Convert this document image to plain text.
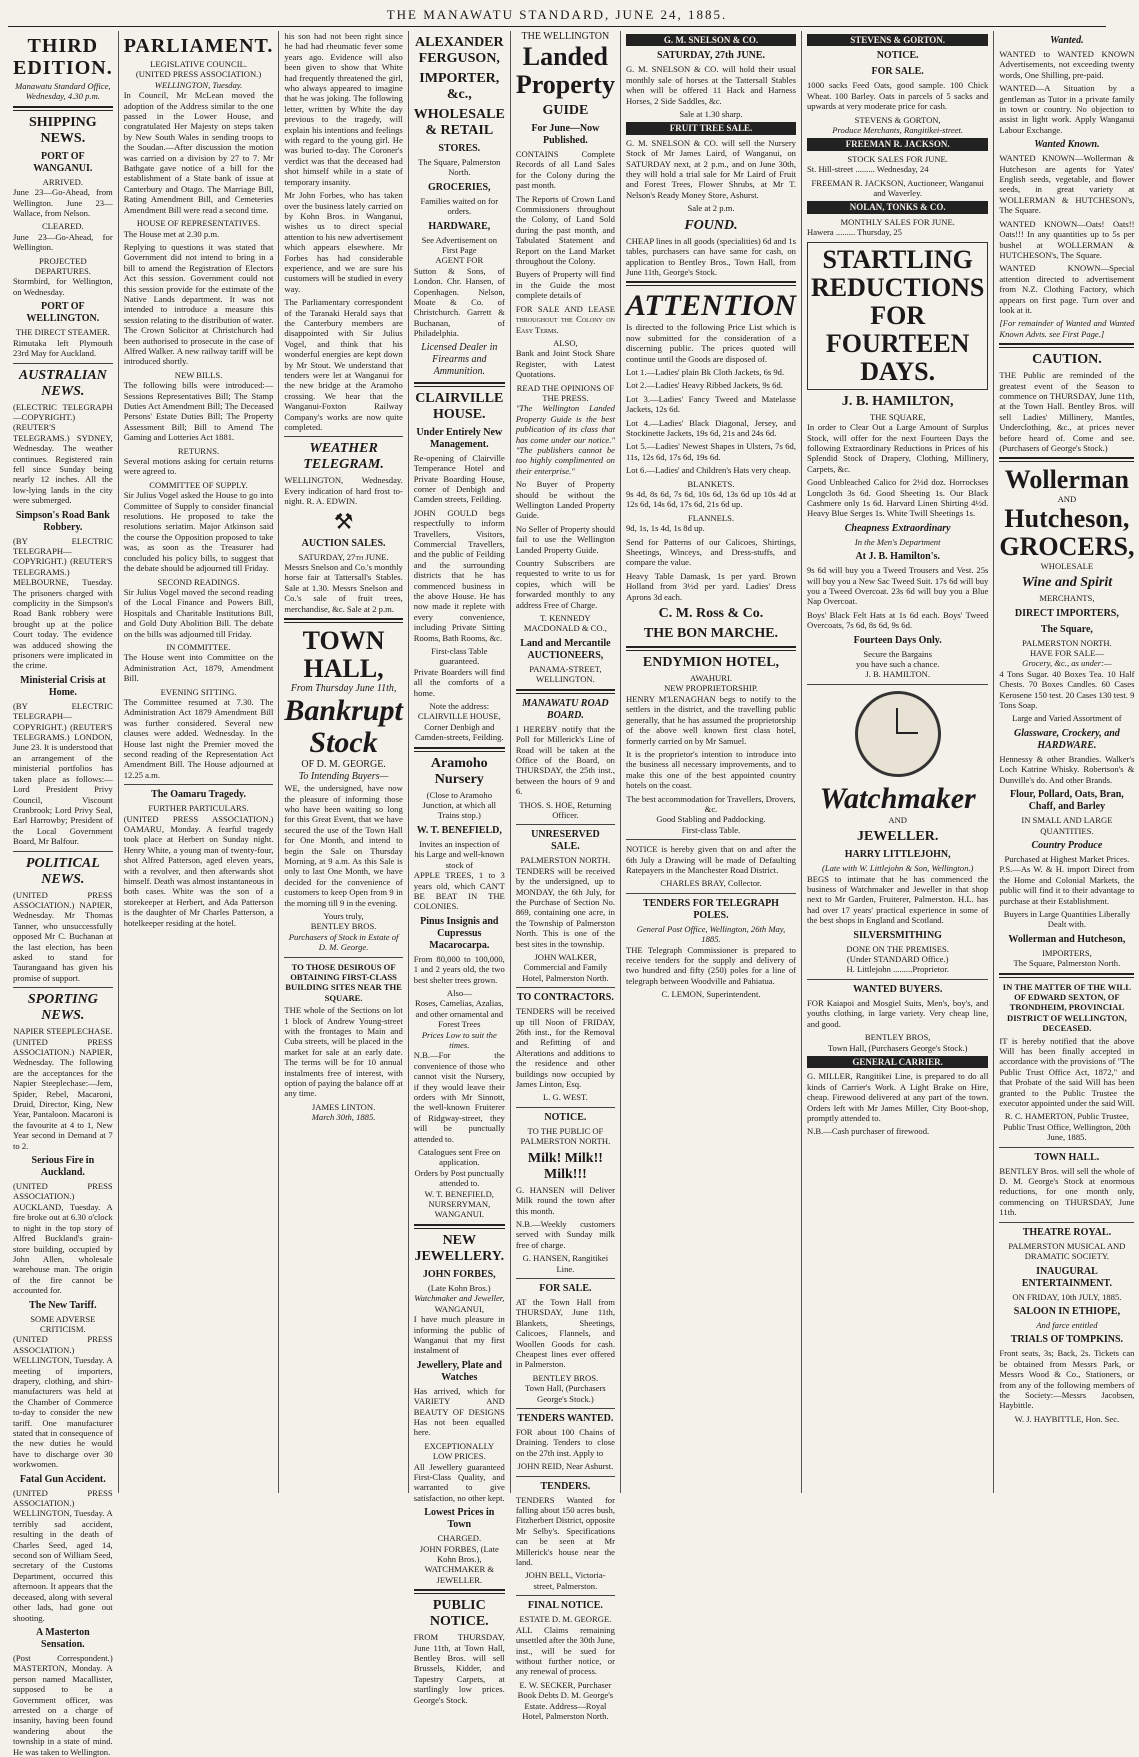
THE MANAWATU STANDARD, JUNE 24, 1885.
THIRD EDITION.
Manawatu Standard Office, Wednesday, 4.30 p.m.
SHIPPING NEWS.
PORT OF WANGANUI.
ARRIVED.

June 23—Go-Ahead, from Wellington. June 23—Wallace, from Nelson.

CLEARED.

June 23—Go-Ahead, for Wellington.

PROJECTED DEPARTURES.

Stormbird, for Wellington, on Wednesday.

PORT OF WELLINGTON.
THE DIRECT STEAMER.

Rimutaka left Plymouth 23rd May for Auckland.

AUSTRALIAN NEWS.

(ELECTRIC TELEGRAPH—COPYRIGHT.) (REUTER'S TELEGRAMS.) SYDNEY, Wednesday. The weather continues. Registered rain fell since Sunday being nearly 12 inches. All the low-lying lands in the city were submerged.

Simpson's Road Bank Robbery.

(BY ELECTRIC TELEGRAPH—COPYRIGHT.) (REUTER'S TELEGRAMS.) MELBOURNE, Tuesday. The prisoners charged with complicity in the Simpson's Road Bank robbery were brought up at the police Court today. The evidence was adduced showing the prisoners were implicated in the crime.

Ministerial Crisis at Home.

(BY ELECTRIC TELEGRAPH—COPYRIGHT.) (REUTER'S TELEGRAMS.) LONDON, June 23. It is understood that an arrangement of the ministerial portfolios has taken place as follows:—Lord President Privy Council, Viscount Cranbrook; Lord Privy Seal, Earl Harrowby; President of the Local Government Board, Mr Balfour.

POLITICAL NEWS.

(UNITED PRESS ASSOCIATION.) NAPIER, Wednesday. Mr Thomas Tanner, who unsuccessfully opposed Mr C. Buchanan at the last election, has been asked to stand for Taurangaand has given his promise of support.

SPORTING NEWS.
NAPIER STEEPLECHASE.

(UNITED PRESS ASSOCIATION.) NAPIER, Wednesday. The following are the acceptances for the Napier Steeplechase:—Jem, Spider, Rebel, Macaroni, Druid, Director, King, New Year, Pantaloon. Macaroni is the favourite at 4 to 1, New Year second in Demand at 7 to 2.

Serious Fire in Auckland.

(UNITED PRESS ASSOCIATION.) AUCKLAND, Tuesday. A fire broke out at 6.30 o'clock to night in the top story of Alfred Buckland's grain-store building, occupied by John Allen, wholesale warehouse man. The origin of the fire cannot be accounted for.

The New Tariff.
SOME ADVERSE CRITICISM.

(UNITED PRESS ASSOCIATION.) WELLINGTON, Tuesday. A meeting of importers, drapery, clothing, and shirt-manufacturers was held at the Chamber of Commerce to-day to consider the new tariff. One manufacturer stated that in consequence of the new duties he would have to discharge over 30 workwomen.

Fatal Gun Accident.

(UNITED PRESS ASSOCIATION.) WELLINGTON, Tuesday. A terribly sad accident, resulting in the death of Charles Seed, aged 14, second son of William Seed, secretary of the Customs Department, occurred this afternoon. It appears that the deceased, along with several other lads, had gone out shooting.

A Masterton Sensation.

(Post Correspondent.) MASTERTON, Monday. A person named Macallister, supposed to be a Government officer, was arrested on a charge of insanity, having been found wandering about the township in a state of mind. He was taken to Wellington.

PARLIAMENT.
LEGISLATIVE COUNCIL.
(UNITED PRESS ASSOCIATION.)
WELLINGTON, Tuesday.

In Council, Mr McLean moved the adoption of the Address similar to the one passed in the Lower House, and congratulated Her Majesty on steps taken by New South Wales in sending troops to the Soudan.—After discussion the motion was carried on a division by 27 to 7. Mr Bathgate gave notice of a bill for the establishment of a State bank of issue at Canterbury and Otago. The Marriage Bill, Rating Amendment Bill, and Cemeteries Amendment Bill were read a second time.

HOUSE OF REPRESENTATIVES.

The House met at 2.30 p.m.

Replying to questions it was stated that Government did not intend to bring in a bill to amend the Registration of Electors Act this session. Government could not this session provide for the estimate of the Native Lands department. It was not intended to introduce a measure this session relating to the distribution of water. The Crown Solicitor at Christchurch had been authorised to prosecute in the case of Alfred Walker. A new railway tariff will be introduced shortly.

NEW BILLS.

The following bills were introduced:—Sessions Representatives Bill; The Stamp Duties Act Amendment Bill; The Deceased Persons' Estate Duties Bill; The Property Assessment Bill; Bill to Amend The Gaming and Lotteries Act 1881.

RETURNS.

Several motions asking for certain returns were agreed to.

COMMITTEE OF SUPPLY.

Sir Julius Vogel asked the House to go into Committee of Supply to consider financial resolutions. He proposed to take the resolutions seriatim. Major Atkinson said the course the Opposition proposed to take was, as soon as the Treasurer had concluded his policy bills, to suggest that the debate should be adjourned till Friday.

SECOND READINGS.

Sir Julius Vogel moved the second reading of the Local Finance and Powers Bill, Hospitals and Charitable Institutions Bill, and Gold Duty Abolition Bill. The debate on the bills was adjourned till Friday.

IN COMMITTEE.

The House went into Committee on the Administration Act, 1879, Amendment Bill.

EVENING SITTING.

The Committee resumed at 7.30. The Administration Act 1879 Amendment Bill was further considered. Several new clauses were added. Wednesday. In the House last night the Premier moved the second reading of the Representation Act Amendment Bill. The House adjourned at 12.25 a.m.

The Oamaru Tragedy.
FURTHER PARTICULARS.

(UNITED PRESS ASSOCIATION.) OAMARU, Monday. A fearful tragedy took place at Herbert on Sunday night. Henry White, a young man of twenty-four, shot Alfred Patterson, aged eleven years, with a revolver, and then afterwards shot himself. Death was almost instantaneous in both cases. White was the son of a storekeeper at Herbert, and Ada Patterson is the daughter of Mr Charles Patterson, a hotelkeeper residing at the hotel.

his son had not been right since he had had rheumatic fever some years ago. Evidence will also been given to show that White had frequently threatened the girl, who always appeared to imagine that he was joking. The following letter, written by White the day previous to the tragedy, will explain his intentions and feelings with regard to the young girl. He was buried to-day. The Coroner's verdict was that the deceased had shot himself while in a state of temporary insanity.

Mr John Forbes, who has taken over the business lately carried on by Kohn Bros. in Wanganui, wishes us to direct special attention to his new advertisement which appears elsewhere. Mr Forbes has had considerable experience, and we are sure his customers will be studied in every way.

The Parliamentary correspondent of the Taranaki Herald says that the Canterbury members are disappointed with Sir Julius Vogel, and think that his wonderful energies are kept down by Mr Stout. We understand that tenders were let at Wanganui for the new bridge at the Aramoho crossing. We hear that the Wanganui-Foxton Railway Company's works are now quite completed.

WEATHER TELEGRAM.

WELLINGTON, Wednesday. Every indication of hard frost to-night. R. A. EDWIN.

⚒
AUCTION SALES.
SATURDAY, 27th JUNE.

Messrs Snelson and Co.'s monthly horse fair at Tattersall's Stables. Sale at 1.30. Messrs Snelson and Co.'s sale of fruit trees, merchandise, &c. Sale at 2 p.m.

TOWN HALL,
From Thursday June 11th,
Bankrupt Stock
OF D. M. GEORGE.
To Intending Buyers—

WE, the undersigned, have now the pleasure of informing those who have been waiting so long for this Great Event, that we have secured the use of the Town Hall for One Month, and intend to begin the Sale on Thursday Morning, at 9 a.m. As this Sale is only to last One Month, we have decided for the convenience of customers to keep Open from 9 in the morning till 9 in the evening.

Yours truly,
BENTLEY BROS.
Purchasers of Stock in Estate of D. M. George.
TO THOSE DESIROUS OF OBTAINING FIRST-CLASS BUILDING SITES NEAR THE SQUARE.

THE whole of the Sections on lot 1 block of Andrew Young-street with the frontages to Main and Cuba streets, will be placed in the market for sale at an early date. The terms will be for 10 annual instalments free of interest, with option of paying the balance off at any time.

JAMES LINTON.
March 30th, 1885.
ALEXANDER FERGUSON,
IMPORTER, &c.,
WHOLESALE & RETAIL
STORES.
The Square, Palmerston North.
GROCERIES,
Families waited on for orders.
HARDWARE,
See Advertisement on First Page
AGENT FOR

Sutton & Sons, of London. Chr. Hansen, of Copenhagen. Nelson, Moate & Co. of Christchurch. Garrett & Buchanan, of Philadelphia.

Licensed Dealer in Firearms and Ammunition.
CLAIRVILLE HOUSE.
Under Entirely New Management.

Re-opening of Clairville Temperance Hotel and Private Boarding House, corner of Denbigh and Camden streets, Feilding.

JOHN GOULD begs respectfully to inform Travellers, Visitors, Commercial Travellers, and the public of Feilding and the surrounding districts that he has commenced business in the above House. He has now made it replete with every convenience, including Private Sitting Rooms, Bath Rooms, &c.

First-class Table guaranteed.

Private Boarders will find all the comforts of a home.

Note the address:
CLAIRVILLE HOUSE,
Corner Denbigh and Camden-streets, Feilding.
Aramoho Nursery
(Close to Aramoho Junction, at which all Trains stop.)
W. T. BENEFIELD,
Invites an inspection of his Large and well-known stock of

APPLE TREES, 1 to 3 years old, which CAN'T BE BEAT IN THE COLONIES.

Pinus Insignis and Cupressus Macarocarpa.

From 80,000 to 100,000, 1 and 2 years old, the two best shelter trees grown.

Also—
Roses, Camelias, Azalias, and other ornamental and Forest Trees
Prices Low to suit the times.

N.B.—For the convenience of those who cannot visit the Nursery, if they would leave their orders with Mr Sinnott, the well-known Fruiterer of Ridgway-street, they will be punctually attended to.

Catalogues sent Free on application.
Orders by Post punctually attended to.
W. T. BENEFIELD, NURSERYMAN, WANGANUI.
NEW JEWELLERY.
JOHN FORBES,
(Late Kohn Bros.)
Watchmaker and Jeweller,
WANGANUI,

I have much pleasure in informing the public of Wanganui that my first instalment of

Jewellery, Plate and Watches

Has arrived, which for VARIETY AND BEAUTY OF DESIGNS Has not been equalled here.

EXCEPTIONALLY LOW PRICES.

All Jewellery guaranteed First-Class Quality, and warranted to give satisfaction, no other kept.

Lowest Prices in Town
CHARGED.
JOHN FORBES, (Late Kohn Bros.), WATCHMAKER & JEWELLER.
PUBLIC NOTICE.

FROM THURSDAY, June 11th, at Town Hall, Bentley Bros. will sell Brussels, Kidder, and Tapestry Carpets, at startlingly low prices. George's Stock.

THE WELLINGTON
Landed Property
GUIDE
For June—Now Published.

CONTAINS Complete Records of all Land Sales for the Colony during the past month.

The Reports of Crown Land Commissioners throughout the Colony, of Land Sold during the past month, and Tabulated Statement and Report on the Land Market throughout the Colony.

Buyers of Property will find in the Guide the most complete details of

FOR SALE AND LEASE throughout the Colony on Easy Terms.

ALSO,

Bank and Joint Stock Share Register, with Latest Quotations.

READ THE OPINIONS OF THE PRESS.

"The Wellington Landed Property Guide is the best publication of its class that has come under our notice." "The publishers cannot be too highly complimented on their enterprise."

No Buyer of Property should be without the Wellington Landed Property Guide.

No Seller of Property should fail to use the Wellington Landed Property Guide.

Country Subscribers are requested to write to us for copies, which will be forwarded monthly to any address Free of Charge.

T. KENNEDY MACDONALD & CO.,
Land and Mercantile AUCTIONEERS,
PANAMA-STREET, WELLINGTON.
MANAWATU ROAD BOARD.

I HEREBY notify that the Poll for Millerick's Line of Road will be taken at the Office of the Board, on THURSDAY, the 25th inst., between the hours of 9 and 6.

THOS. S. HOE, Returning Officer.
UNRESERVED SALE.
PALMERSTON NORTH.

TENDERS will be received by the undersigned, up to MONDAY, the 6th July, for the Purchase of Section No. 869, containing one acre, in the Township of Palmerston North. This is one of the best sites in the township.

JOHN WALKER, Commercial and Family Hotel, Palmerston North.
TO CONTRACTORS.

TENDERS will be received up till Noon of FRIDAY, 26th inst., for the Removal and Refitting of and Alterations and additions to the residence and other buildings now occupied by James Linton, Esq.

L. G. WEST.
NOTICE.
TO THE PUBLIC OF PALMERSTON NORTH.
Milk! Milk!! Milk!!!

G. HANSEN will Deliver Milk round the town after this month.

N.B.—Weekly customers served with Sunday milk free of charge.

G. HANSEN, Rangitikei Line.
FOR SALE.

AT the Town Hall from THURSDAY, June 11th, Blankets, Sheetings, Calicoes, Flannels, and Woollen Goods for cash. Cheapest lines ever offered in Palmerston.

BENTLEY BROS.
Town Hall, (Purchasers George's Stock.)
TENDERS WANTED.

FOR about 100 Chains of Draining. Tenders to close on the 27th inst. Apply to

JOHN REID, Near Ashurst.
TENDERS.

TENDERS Wanted for falling about 150 acres bush, Fitzherbert District, opposite Mr Selby's. Specifications can be seen at Mr Millerick's house near the land.

JOHN BELL, Victoria-street, Palmerston.
FINAL NOTICE.
ESTATE D. M. GEORGE.

ALL Claims remaining unsettled after the 30th June, inst., will be sued for without further notice, or any renewal of process.

E. W. SECKER, Purchaser Book Debts D. M. George's Estate. Address—Royal Hotel, Palmerston North.
G. M. SNELSON & CO.
SATURDAY, 27th JUNE.

G. M. SNELSON & CO. will hold their usual monthly sale of horses at the Tattersall Stables when will be offered 11 Hack and Harness Horses, 2 Side Saddles, &c.

Sale at 1.30 sharp.
FRUIT TREE SALE.

G. M. SNELSON & CO. will sell the Nursery Stock of Mr James Laird, of Wanganui, on SATURDAY next, at 2 p.m., and on June 30th, they will hold a trial sale for Mr Laird of Fruit and Forest Trees, Flower Shrubs, at Mr T. Nelson's Ready Money Store, Ashurst.

Sale at 2 p.m.
FOUND.

CHEAP lines in all goods (specialities) 6d and 1s tables, purchasers can have same for cash, on application to Bentley Bros., Town Hall, from June 11th, George's Stock.

ATTENTION

Is directed to the following Price List which is now submitted for the consideration of a discerning public. The prices quoted will continue until the Goods are disposed of.

Lot 1.—Ladies' plain Bk Cloth Jackets, 6s 9d.

Lot 2.—Ladies' Heavy Ribbed Jackets, 9s 6d.

Lot 3.—Ladies' Fancy Tweed and Matelasse Jackets, 12s 6d.

Lot 4.—Ladies' Black Diagonal, Jersey, and Stockinette Jackets, 19s 6d, 21s and 24s 6d.

Lot 5.—Ladies' Newest Shapes in Ulsters, 7s 6d, 11s, 12s 6d, 17s 6d, 19s 6d.

Lot 6.—Ladies' and Children's Hats very cheap.

BLANKETS.

9s 4d, 8s 6d, 7s 6d, 10s 6d, 13s 6d up 10s 4d at 12s 6d, 14s 6d, 17s 6d, 21s 6d up.

FLANNELS.

9d, 1s, 1s 4d, 1s 8d up.

Send for Patterns of our Calicoes, Shirtings, Sheetings, Winceys, and Dress-stuffs, and compare the value.

Heavy Table Damask, 1s per yard. Brown Holland from 3½d per yard. Ladies' Dress Aprons 3d each.

C. M. Ross & Co.
THE BON MARCHE.
ENDYMION HOTEL,
AWAHURI.
NEW PROPRIETORSHIP.

HENRY M'LENAGHAN begs to notify to the settlers in the district, and the travelling public generally, that he has assumed the proprietorship of the above well known first class hotel, formerly carried on by Mr Samuel.

It is the proprietor's intention to introduce into the business all necessary improvements, and to make this one of the best appointed country hotels on the coast.

The best accommodation for Travellers, Drovers, &c.
Good Stabling and Paddocking.
First-class Table.

NOTICE is hereby given that on and after the 6th July a Drawing will be made of Defaulting Ratepayers in the Manchester Road District.

CHARLES BRAY, Collector.
TENDERS FOR TELEGRAPH POLES.
General Post Office, Wellington, 26th May, 1885.

THE Telegraph Commissioner is prepared to receive tenders for the supply and delivery of two hundred and fifty (250) poles for a line of telegraph between Woodville and Pahiatua.

C. LEMON, Superintendent.
STEVENS & GORTON.
NOTICE.
FOR SALE.

1000 sacks Feed Oats, good sample. 100 Chick Wheat. 100 Barley. Oats in parcels of 5 sacks and upwards at very moderate price for cash.

STEVENS & GORTON,
Produce Merchants, Rangitikei-street.
FREEMAN R. JACKSON.
STOCK SALES FOR JUNE.

St. Hill-street ......... Wednesday, 24

FREEMAN R. JACKSON, Auctioneer, Wanganui and Waverley.
NOLAN, TONKS & CO.
MONTHLY SALES FOR JUNE.

Hawera ......... Thursday, 25

STARTLING
REDUCTIONS
FOR
FOURTEEN
DAYS.
J. B. HAMILTON,
THE SQUARE,

In order to Clear Out a Large Amount of Surplus Stock, will offer for the next Fourteen Days the following Extraordinary Reductions in Prices of his Splendid Stock of Drapery, Clothing, Millinery, Carpets, &c.

Good Unbleached Calico for 2½d doz. Horrockses Longcloth 3s 6d. Good Sheeting 1s. Our Black Cashmere only 1s 6d. Harvard Linen Shirting 4½d. Heavy Blue Serges 1s. White Twill Sheetings 1s.

Cheapness Extraordinary
In the Men's Department
At J. B. Hamilton's.

9s 6d will buy you a Tweed Trousers and Vest. 25s will buy you a New Sac Tweed Suit. 17s 6d will buy you a Tweed Overcoat. 23s 6d will buy you a Blue Nap Overcoat.

Boys' Black Felt Hats at 1s 6d each. Boys' Tweed Overcoats, 7s 6d, 8s 6d, 9s 6d.

Fourteen Days Only.
Secure the Bargains
you have such a chance.
J. B. HAMILTON.
Watchmaker
AND
JEWELLER.
HARRY LITTLEJOHN,
(Late with W. Littlejohn & Son, Wellington.)

BEGS to intimate that he has commenced the business of Watchmaker and Jeweller in that shop next to Mr Garden, Fruiterer, Palmerston. H.L. has had over 17 years' practical experience in some of the best shops in England and Scotland.

SILVERSMITHING
DONE ON THE PREMISES.
(Under STANDARD Office.)
H. Littlejohn .........Proprietor.
WANTED BUYERS.

FOR Kaiapoi and Mosgiel Suits, Men's, boy's, and youths clothing, in large variety. Very cheap line, and good.

BENTLEY BROS,
Town Hall, (Purchasers George's Stock.)
GENERAL CARRIER.

G. MILLER, Rangitikei Line, is prepared to do all kinds of Carrier's Work. A Light Brake on Hire, cheap. Firewood delivered at any part of the town. Orders left with Mr James Miller, City Boot-shop, promptly attended to.

N.B.—Cash purchaser of firewood.

Wanted.

WANTED to WANTED KNOWN Advertisements, not exceeding twenty words, One Shilling, pre-paid.

WANTED—A Situation by a gentleman as Tutor in a private family in town or country. No objection to assist in light work. Apply Wanganui Labour Exchange.

Wanted Known.

WANTED KNOWN—Wollerman & Hutcheson are agents for Yates' English seeds, vegetable, and flower seeds, in great variety at WOLLERMAN & HUTCHESON's, The Square.

WANTED KNOWN—Oats! Oats!! Oats!!! In any quantities up to 5s per bushel at WOLLERMAN & HUTCHESON's, The Square.

WANTED KNOWN—Special attention directed to advertisement from N.Z. Clothing Factory, which appears on first page. Turn over and look at it.

[For remainder of Wanted and Wanted Known Advts. see First Page.]

CAUTION.

THE Public are reminded of the greatest event of the Season to commence on THURSDAY, June 11th, at the Town Hall. Bentley Bros. will sell Ladies' Millinery, Mantles, Underclothing, &c., at prices never before heard of. Come and see. (Purchasers of George's Stock.)

Wollerman
AND
Hutcheson,
GROCERS,
WHOLESALE
Wine and Spirit
MERCHANTS,
DIRECT IMPORTERS,
The Square,
PALMERSTON NORTH.
HAVE FOR SALE—
Grocery, &c., as under:—

4 Tons Sugar. 40 Boxes Tea. 10 Half Chests. 70 Boxes Candles. 60 Cases Kerosene 150 test. 20 Cases 130 test. 9 Tons Soap.

Large and Varied Assortment of
Glassware, Crockery, and HARDWARE.

Hennessy & other Brandies. Walker's Loch Katrine Whisky. Robertson's & Dunville's do. And other Brands.

Flour, Pollard, Oats, Bran, Chaff, and Barley
IN SMALL AND LARGE QUANTITIES.
Country Produce
Purchased at Highest Market Prices.

P.S.—As W. & H. import Direct from the Home and Colonial Markets, the public will find it to their advantage to purchase at their Establishment.

Buyers in Large Quantities Liberally Dealt with.
Wollerman and Hutcheson,
IMPORTERS,
The Square, Palmerston North.
IN THE MATTER OF THE WILL OF EDWARD SEXTON, OF TRONDHEIM, PROVINCIAL DISTRICT OF WELLINGTON, DECEASED.

IT is hereby notified that the above Will has been finally accepted in accordance with the provisions of "The Public Trust Office Act, 1872," and that Probate of the said Will has been granted to the Public Trustee the executor appointed under the said Will.

R. C. HAMERTON, Public Trustee, Public Trust Office, Wellington, 20th June, 1885.
TOWN HALL.

BENTLEY Bros. will sell the whole of D. M. George's Stock at enormous reductions, for one month only, commencing on THURSDAY, June 11th.

THEATRE ROYAL.
PALMERSTON MUSICAL AND DRAMATIC SOCIETY.
INAUGURAL ENTERTAINMENT.
ON FRIDAY, 10th JULY, 1885.
SALOON IN ETHIOPE,
And farce entitled
TRIALS OF TOMPKINS.

Front seats, 3s; Back, 2s. Tickets can be obtained from Messrs Park, or Messrs Wood & Co., Stationers, or from any of the following members of the Society:—Messrs Jacobsen, Haybittle.

W. J. HAYBITTLE, Hon. Sec.
